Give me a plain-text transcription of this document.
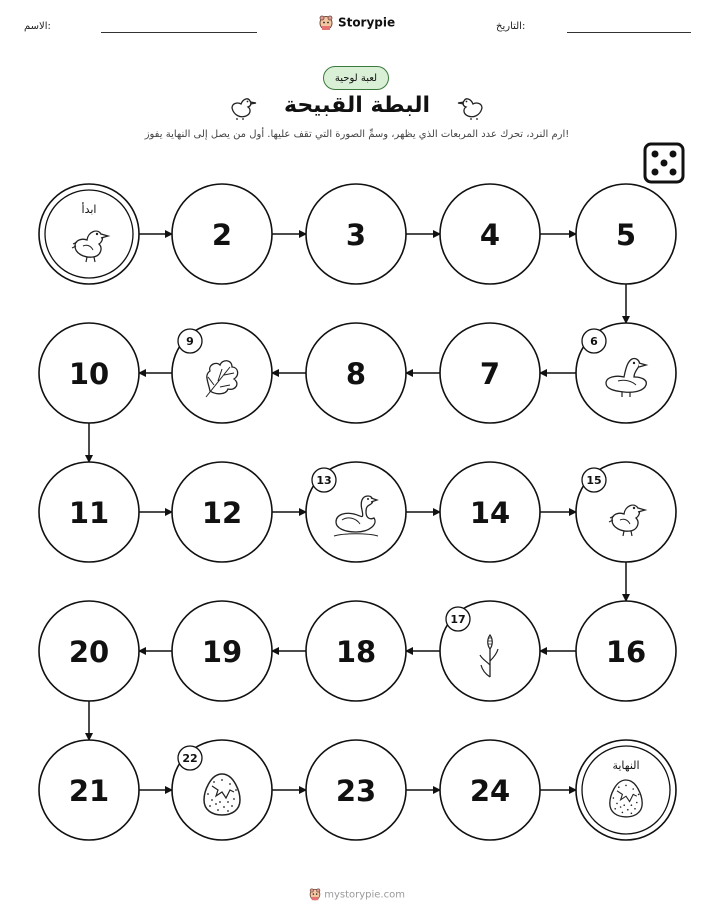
الاسم:	التاريخ:
Storypie
لعبة لوحية
البطة القبيحة
ارم النرد، تحرك عدد المربعات الذي يظهر، وسمِّ الصورة التي تقف عليها. أول من يصل إلى النهاية يفوز!
ابدأ
2	3	4	5
10
9
8	7
6
11	12
13
14
15
20	19	18
17
16
21
22
23	24
النهاية
mystorypie.com
